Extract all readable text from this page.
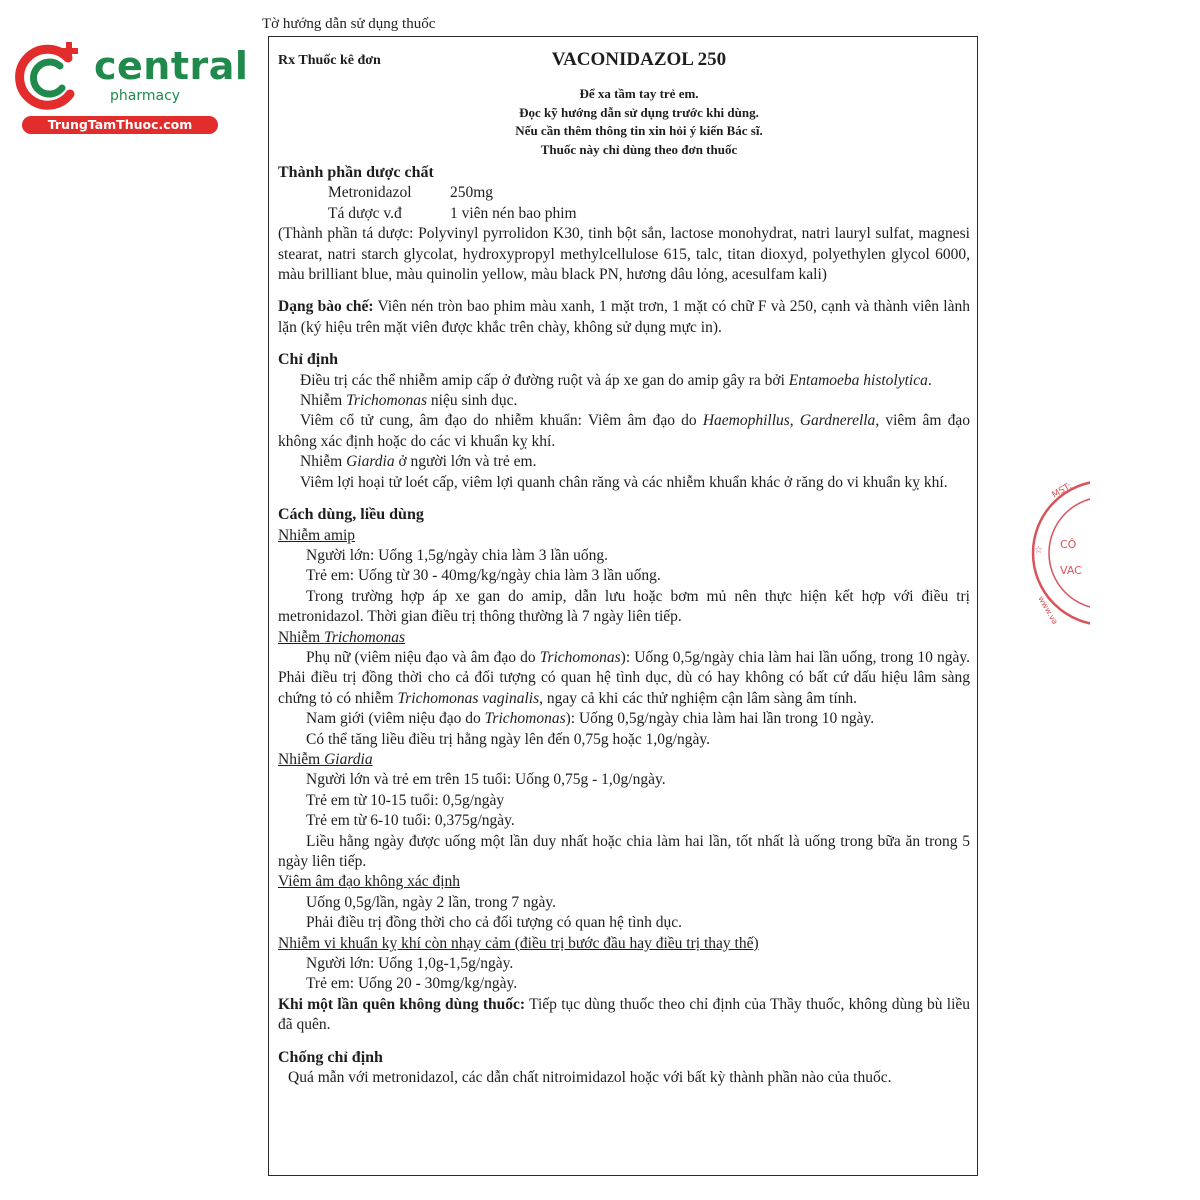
central
pharmacy
TrungTamThuoc.com
Tờ hướng dẫn sử dụng thuốc
Rx Thuốc kê đơn	VACONIDAZOL 250
Để xa tầm tay trẻ em.
Đọc kỹ hướng dẫn sử dụng trước khi dùng.
Nếu cần thêm thông tin xin hỏi ý kiến Bác sĩ.
Thuốc này chỉ dùng theo đơn thuốc

Thành phần dược chất

Metronidazol	250mg
Tá dược v.đ	1 viên nén bao phim

(Thành phần tá dược: Polyvinyl pyrrolidon K30, tinh bột sắn, lactose monohydrat, natri lauryl sulfat, magnesi stearat, natri starch glycolat, hydroxypropyl methylcellulose 615, talc, titan dioxyd, polyethylen glycol 6000, màu brilliant blue, màu quinolin yellow, màu black PN, hương dâu lỏng, acesulfam kali)

Dạng bào chế: Viên nén tròn bao phim màu xanh, 1 mặt trơn, 1 mặt có chữ F và 250, cạnh và thành viên lành lặn (ký hiệu trên mặt viên được khắc trên chày, không sử dụng mực in).

Chỉ định

Điều trị các thể nhiễm amip cấp ở đường ruột và áp xe gan do amip gây ra bởi Entamoeba histolytica.

Nhiễm Trichomonas niệu sinh dục.

Viêm cổ tử cung, âm đạo do nhiễm khuẩn: Viêm âm đạo do Haemophillus, Gardnerella, viêm âm đạo không xác định hoặc do các vi khuẩn kỵ khí.

Nhiễm Giardia ở người lớn và trẻ em.

Viêm lợi hoại tử loét cấp, viêm lợi quanh chân răng và các nhiễm khuẩn khác ở răng do vi khuẩn kỵ khí.

Cách dùng, liều dùng

Nhiễm amip

Người lớn: Uống 1,5g/ngày chia làm 3 lần uống.

Trẻ em: Uống từ 30 - 40mg/kg/ngày chia làm 3 lần uống.

Trong trường hợp áp xe gan do amip, dẫn lưu hoặc bơm mủ nên thực hiện kết hợp với điều trị metronidazol. Thời gian điều trị thông thường là 7 ngày liên tiếp.

Nhiễm Trichomonas

Phụ nữ (viêm niệu đạo và âm đạo do Trichomonas): Uống 0,5g/ngày chia làm hai lần uống, trong 10 ngày. Phải điều trị đồng thời cho cả đối tượng có quan hệ tình dục, dù có hay không có bất cứ dấu hiệu lâm sàng chứng tỏ có nhiễm Trichomonas vaginalis, ngay cả khi các thử nghiệm cận lâm sàng âm tính.

Nam giới (viêm niệu đạo do Trichomonas): Uống 0,5g/ngày chia làm hai lần trong 10 ngày.

Có thể tăng liều điều trị hằng ngày lên đến 0,75g hoặc 1,0g/ngày.

Nhiễm Giardia

Người lớn và trẻ em trên 15 tuổi: Uống 0,75g - 1,0g/ngày.

Trẻ em từ 10-15 tuổi: 0,5g/ngày

Trẻ em từ 6-10 tuổi: 0,375g/ngày.

Liều hằng ngày được uống một lần duy nhất hoặc chia làm hai lần, tốt nhất là uống trong bữa ăn trong 5 ngày liên tiếp.

Viêm âm đạo không xác định

Uống 0,5g/lần, ngày 2 lần, trong 7 ngày.

Phải điều trị đồng thời cho cả đối tượng có quan hệ tình dục.

Nhiễm vi khuẩn kỵ khí còn nhạy cảm (điều trị bước đầu hay điều trị thay thế)

Người lớn: Uống 1,0g-1,5g/ngày.

Trẻ em: Uống 20 - 30mg/kg/ngày.

Khi một lần quên không dùng thuốc: Tiếp tục dùng thuốc theo chỉ định của Thầy thuốc, không dùng bù liều đã quên.

Chống chỉ định

Quá mẫn với metronidazol, các dẫn chất nitroimidazol hoặc với bất kỳ thành phần nào của thuốc.

MST:
CÔ
VAC
www.va
☆
